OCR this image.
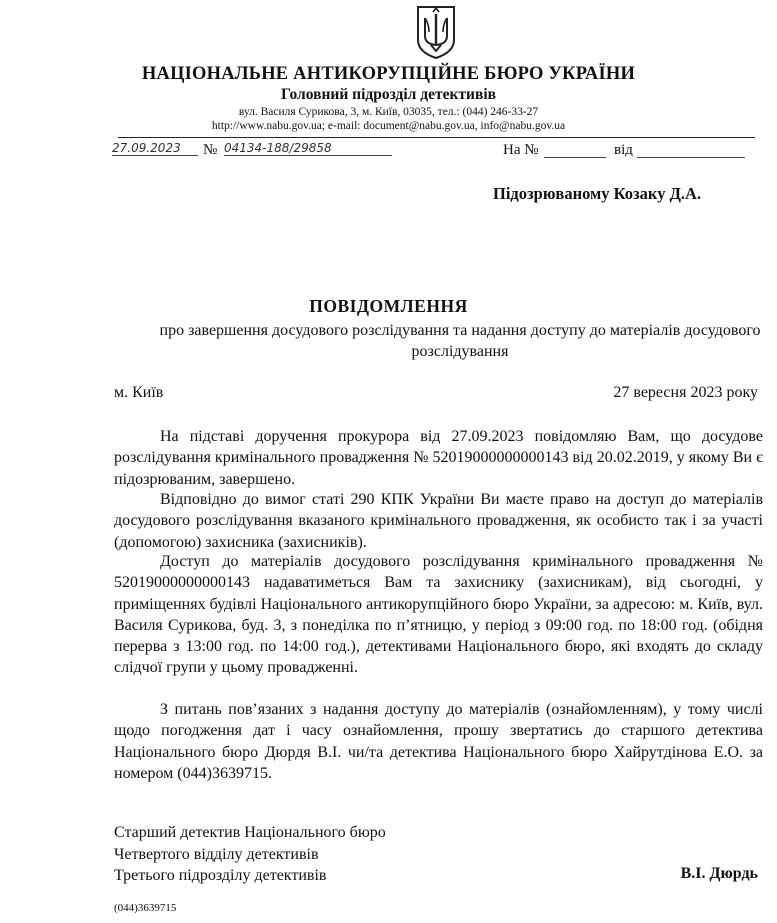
НАЦІОНАЛЬНЕ АНТИКОРУПЦІЙНЕ БЮРО УКРАЇНИ
Головний підрозділ детективів
вул. Василя Сурикова, 3, м. Київ, 03035, тел.: (044) 246-33-27
http://www.nabu.gov.ua; e-mail: document@nabu.gov.ua, info@nabu.gov.ua
27.09.2023	№ 04134-188/29858	На №	від
Підозрюваному Козаку Д.А.
ПОВІДОМЛЕННЯ
про завершення досудового розслідування та надання доступу до матеріалів досудового розслідування
м. Київ	27 вересня 2023 року
На підставі доручення прокурора від 27.09.2023 повідомляю Вам, що досудове розслідування кримінального провадження № 52019000000000143 від 20.02.2019, у якому Ви є підозрюваним, завершено.
Відповідно до вимог статі 290 КПК України Ви маєте право на доступ до матеріалів досудового розслідування вказаного кримінального провадження, як особисто так і за участі (допомогою) захисника (захисників).
Доступ до матеріалів досудового розслідування кримінального провадження № 52019000000000143 надаватиметься Вам та захиснику (захисникам), від сьогодні, у приміщеннях будівлі Національного антикорупційного бюро України, за адресою: м. Київ, вул. Василя Сурикова, буд. 3, з понеділка по п’ятницю, у період з 09:00 год. по 18:00 год. (обідня перерва з 13:00 год. по 14:00 год.), детективами Національного бюро, які входять до складу слідчої групи у цьому провадженні.
З питань пов’язаних з надання доступу до матеріалів (ознайомленням), у тому числі щодо погодження дат і часу ознайомлення, прошу звертатись до старшого детектива Національного бюро Дюрдя В.І. чи/та детектива Національного бюро Хайрутдінова Е.О. за номером (044)3639715.
Старший детектив Національного бюро
Четвертого відділу детективів
Третього підрозділу детективів	В.І. Дюрдь
(044)3639715
